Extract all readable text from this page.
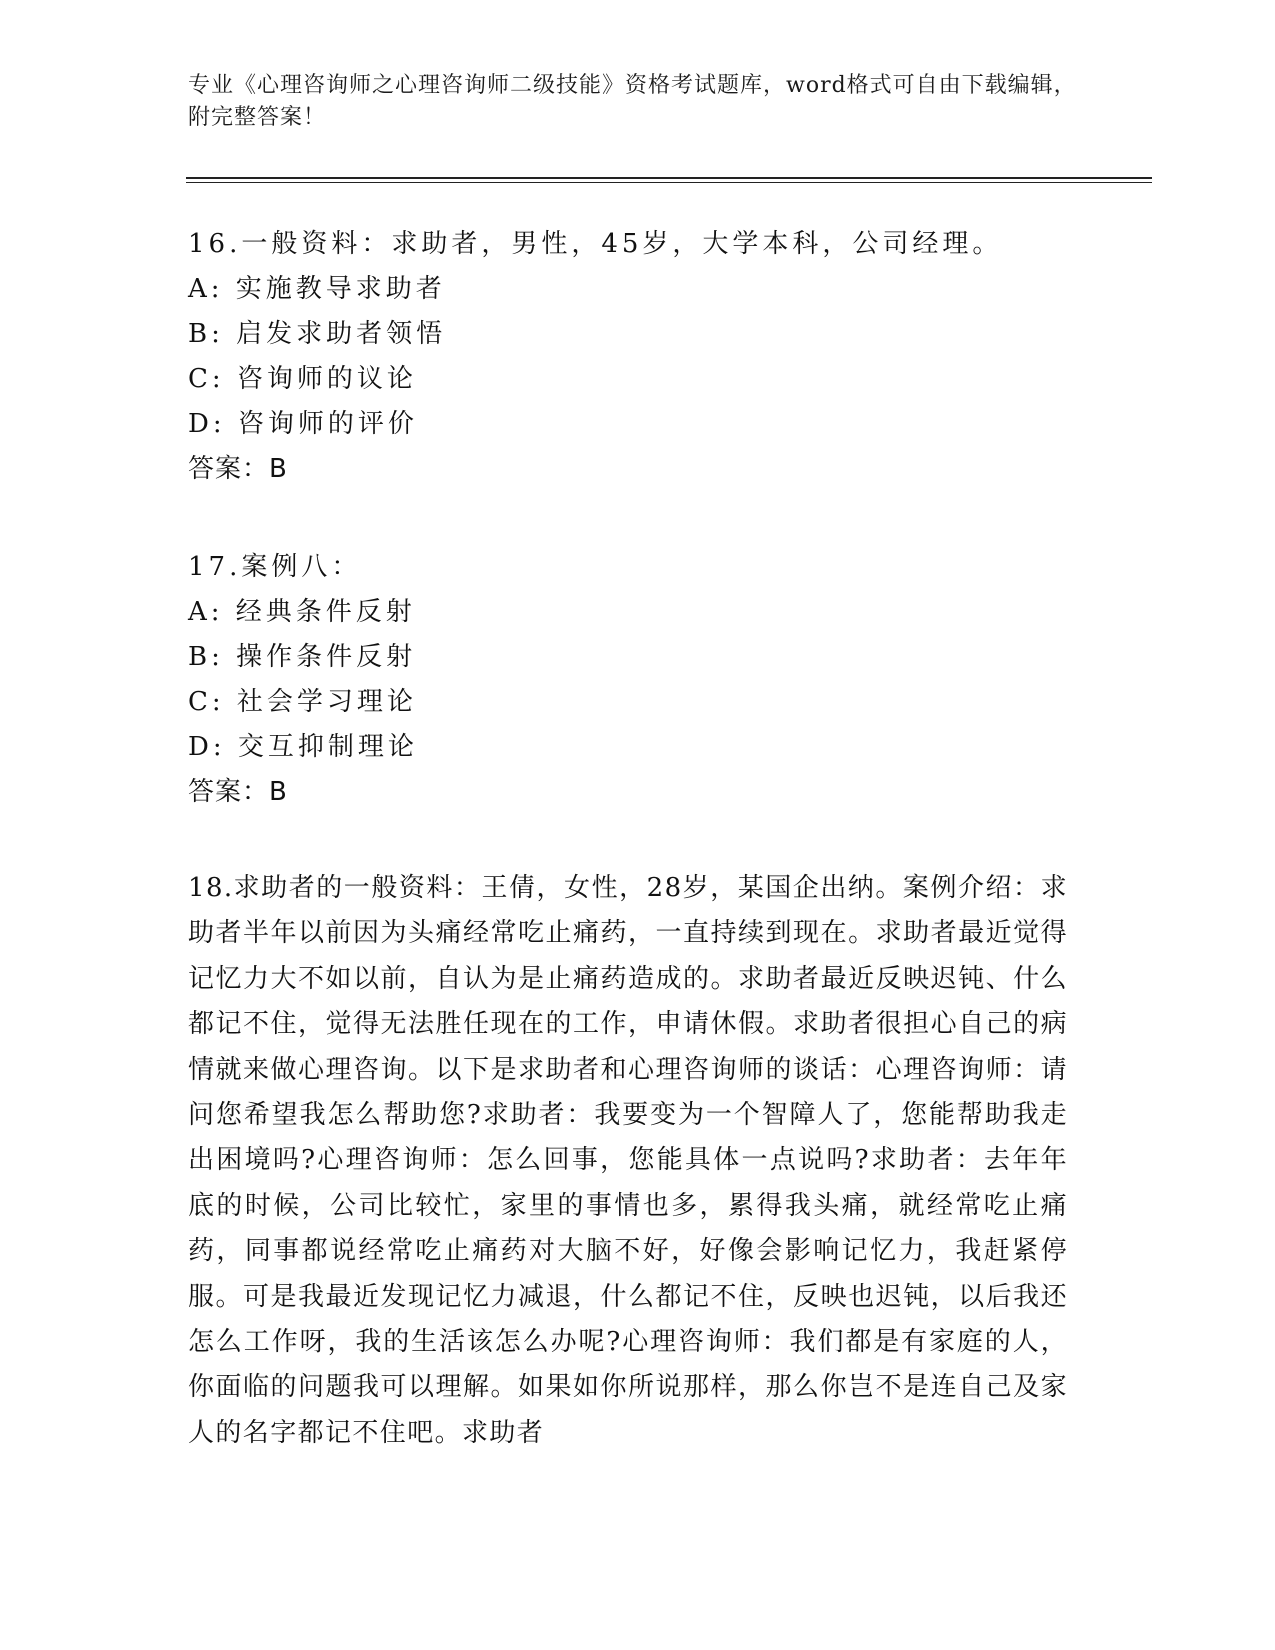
专业《心理咨询师之心理咨询师二级技能》资格考试题库，word格式可自由下载编辑，附完整答案！
16.一般资料：求助者，男性，45岁，大学本科，公司经理。
A: 实施教导求助者
B: 启发求助者领悟
C: 咨询师的议论
D: 咨询师的评价
答案：B
17.案例八：
A: 经典条件反射
B: 操作条件反射
C: 社会学习理论
D: 交互抑制理论
答案：B
18.求助者的一般资料：王倩，女性，28岁，某国企出纳。案例介绍：求助者半年以前因为头痛经常吃止痛药，一直持续到现在。求助者最近觉得记忆力大不如以前，自认为是止痛药造成的。求助者最近反映迟钝、什么都记不住，觉得无法胜任现在的工作，申请休假。求助者很担心自己的病情就来做心理咨询。以下是求助者和心理咨询师的谈话：心理咨询师：请问您希望我怎么帮助您?求助者：我要变为一个智障人了，您能帮助我走出困境吗?心理咨询师：怎么回事，您能具体一点说吗?求助者：去年年底的时候，公司比较忙，家里的事情也多，累得我头痛，就经常吃止痛药，同事都说经常吃止痛药对大脑不好，好像会影响记忆力，我赶紧停服。可是我最近发现记忆力减退，什么都记不住，反映也迟钝，以后我还怎么工作呀，我的生活该怎么办呢?心理咨询师：我们都是有家庭的人，你面临的问题我可以理解。如果如你所说那样，那么你岂不是连自己及家人的名字都记不住吧。求助者
